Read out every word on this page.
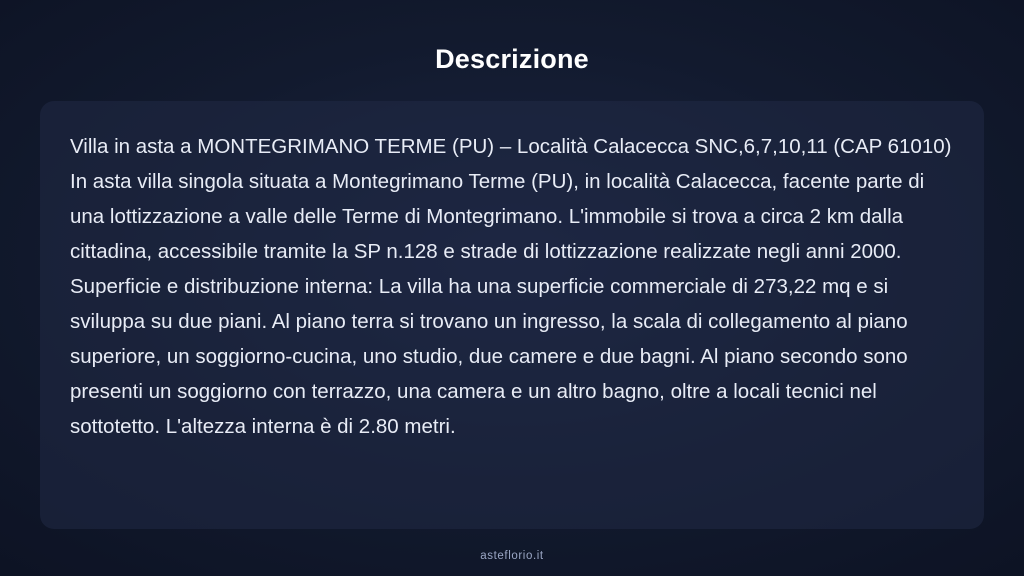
Descrizione
Villa in asta a MONTEGRIMANO TERME (PU) – Località Calacecca SNC,6,7,10,11 (CAP 61010) In asta villa singola situata a Montegrimano Terme (PU), in località Calacecca, facente parte di una lottizzazione a valle delle Terme di Montegrimano. L'immobile si trova a circa 2 km dalla cittadina, accessibile tramite la SP n.128 e strade di lottizzazione realizzate negli anni 2000. Superficie e distribuzione interna: La villa ha una superficie commerciale di 273,22 mq e si sviluppa su due piani. Al piano terra si trovano un ingresso, la scala di collegamento al piano superiore, un soggiorno-cucina, uno studio, due camere e due bagni. Al piano secondo sono presenti un soggiorno con terrazzo, una camera e un altro bagno, oltre a locali tecnici nel sottotetto. L'altezza interna è di 2.80 metri.
asteflorio.it
